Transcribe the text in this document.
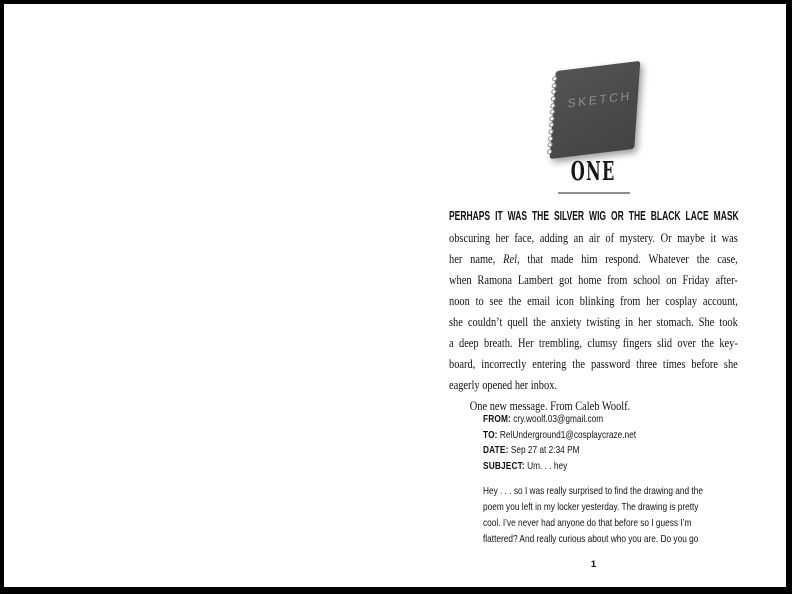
SKETCH
ONE
PERHAPS IT WAS THE SILVER WIG OR THE BLACK LACE MASK
obscuring her face, adding an air of mystery. Or maybe it was
her name, Rel, that made him respond. Whatever the case,
when Ramona Lambert got home from school on Friday after-
noon to see the email icon blinking from her cosplay account,
she couldn’t quell the anxiety twisting in her stomach. She took
a deep breath. Her trembling, clumsy fingers slid over the key-
board, incorrectly entering the password three times before she
eagerly opened her inbox.
One new message. From Caleb Woolf.
FROM: cry.woolf.03@gmail.com
TO: RelUnderground1@cosplaycraze.net
DATE: Sep 27 at 2:34 PM
SUBJECT: Um. . . hey
Hey . . . so I was really surprised to find the drawing and the
poem you left in my locker yesterday. The drawing is pretty
cool. I’ve never had anyone do that before so I guess I’m
flattered? And really curious about who you are. Do you go
1
